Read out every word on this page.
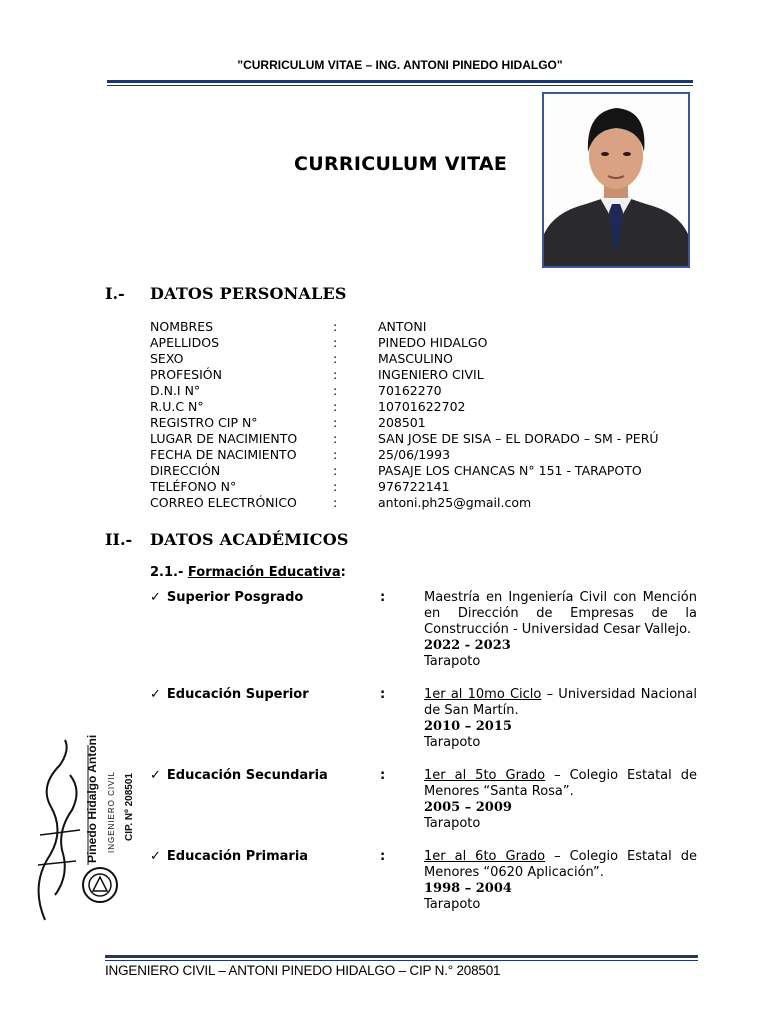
"CURRICULUM VITAE – ING. ANTONI PINEDO HIDALGO"
CURRICULUM VITAE
I.- DATOS PERSONALES
NOMBRES	:	ANTONI
APELLIDOS	:	PINEDO HIDALGO
SEXO	:	MASCULINO
PROFESIÓN	:	INGENIERO CIVIL
D.N.I N°	:	70162270
R.U.C N°	:	10701622702
REGISTRO CIP N°	:	208501
LUGAR DE NACIMIENTO	:	SAN JOSE DE SISA – EL DORADO – SM - PERÚ
FECHA DE NACIMIENTO	:	25/06/1993
DIRECCIÓN	:	PASAJE LOS CHANCAS N° 151 - TARAPOTO
TELÉFONO N°	:	976722141
CORREO ELECTRÓNICO	:	antoni.ph25@gmail.com
II.- DATOS ACADÉMICOS
2.1.- Formación Educativa:
✓ Superior Posgrado	:	Maestría en Ingeniería Civil con Mención en Dirección de Empresas de la Construcción - Universidad Cesar Vallejo.
2022 - 2023
Tarapoto
✓ Educación Superior	:	1er al 10mo Ciclo – Universidad Nacional de San Martín.
2010 – 2015
Tarapoto
✓ Educación Secundaria	:	1er al 5to Grado – Colegio Estatal de Menores “Santa Rosa”.
2005 – 2009
Tarapoto
✓ Educación Primaria	:	1er al 6to Grado – Colegio Estatal de Menores “0620 Aplicación”.
1998 – 2004
Tarapoto
Pinedo Hidalgo Antoni INGENIERO CIVIL CIP. Nº 208501
INGENIERO CIVIL – ANTONI PINEDO HIDALGO – CIP N.° 208501
